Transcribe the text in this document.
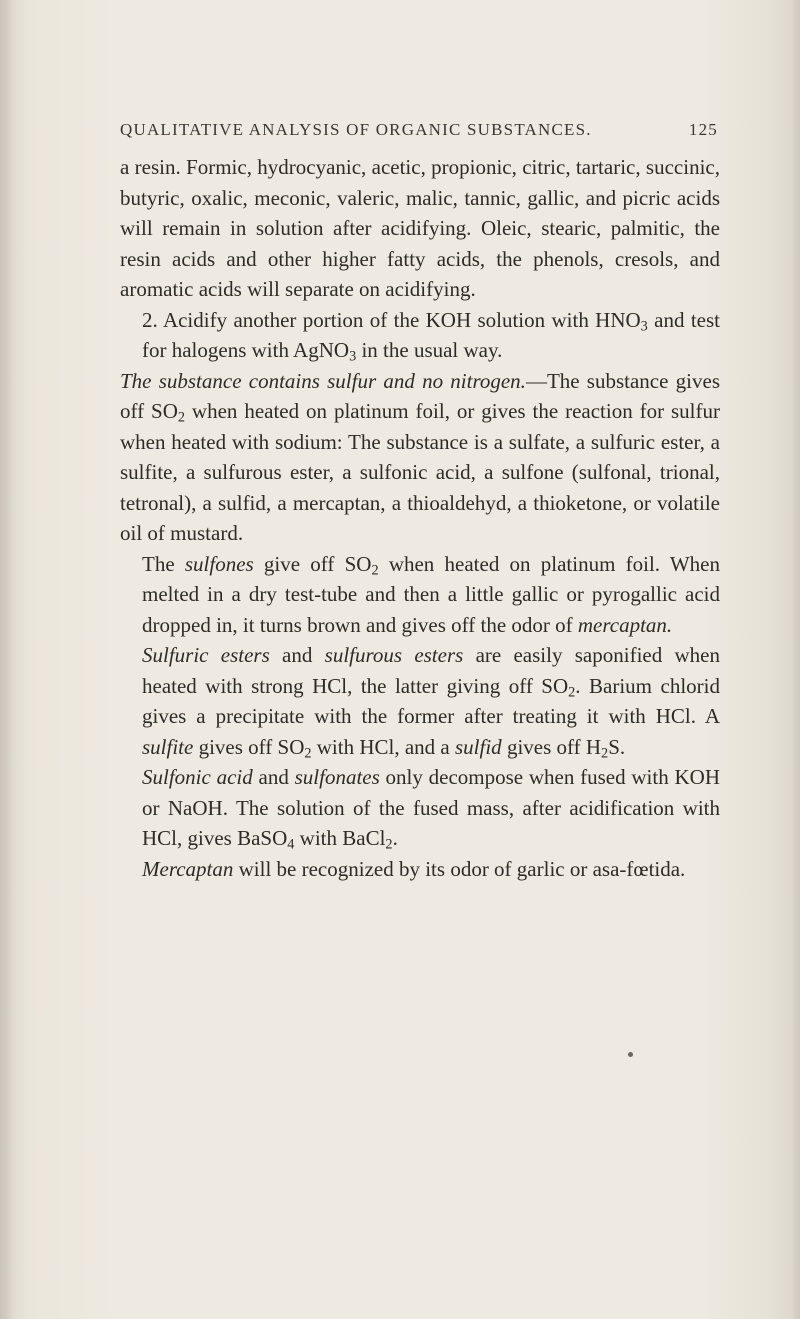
QUALITATIVE ANALYSIS OF ORGANIC SUBSTANCES.	125

a resin. Formic, hydrocyanic, acetic, propionic, citric, tartaric, succinic, butyric, oxalic, meconic, valeric, malic, tannic, gallic, and picric acids will remain in solution after acidifying. Oleic, stearic, palmitic, the resin acids and other higher fatty acids, the phenols, cresols, and aromatic acids will separate on acidifying.

2. Acidify another portion of the KOH solution with $HNO_3$ and test for halogens with AgNO$_3$ in the usual way.

The substance contains sulfur and no nitrogen.—The substance gives off $SO_2$ when heated on platinum foil, or gives the reaction for sulfur when heated with sodium: The substance is a sulfate, a sulfuric ester, a sulfite, a sulfurous ester, a sulfonic acid, a sulfone (sulfonal, trional, tetronal), a sulfid, a mercaptan, a thioaldehyd, a thioketone, or volatile oil of mustard.

The sulfones give off $SO_2$ when heated on platinum foil. When melted in a dry test-tube and then a little gallic or pyrogallic acid dropped in, it turns brown and gives off the odor of mercaptan.

Sulfuric esters and sulfurous esters are easily saponified when heated with strong HCl, the latter giving off $SO_2$. Barium chlorid gives a precipitate with the former after treating it with HCl. A sulfite gives off $SO_2$ with HCl, and a sulfid gives off $H_2S$.

Sulfonic acid and sulfonates only decompose when fused with KOH or NaOH. The solution of the fused mass, after acidification with HCl, gives BaSO$_4$ with BaCl$_2$.

Mercaptan will be recognized by its odor of garlic or asa-fœtida.
